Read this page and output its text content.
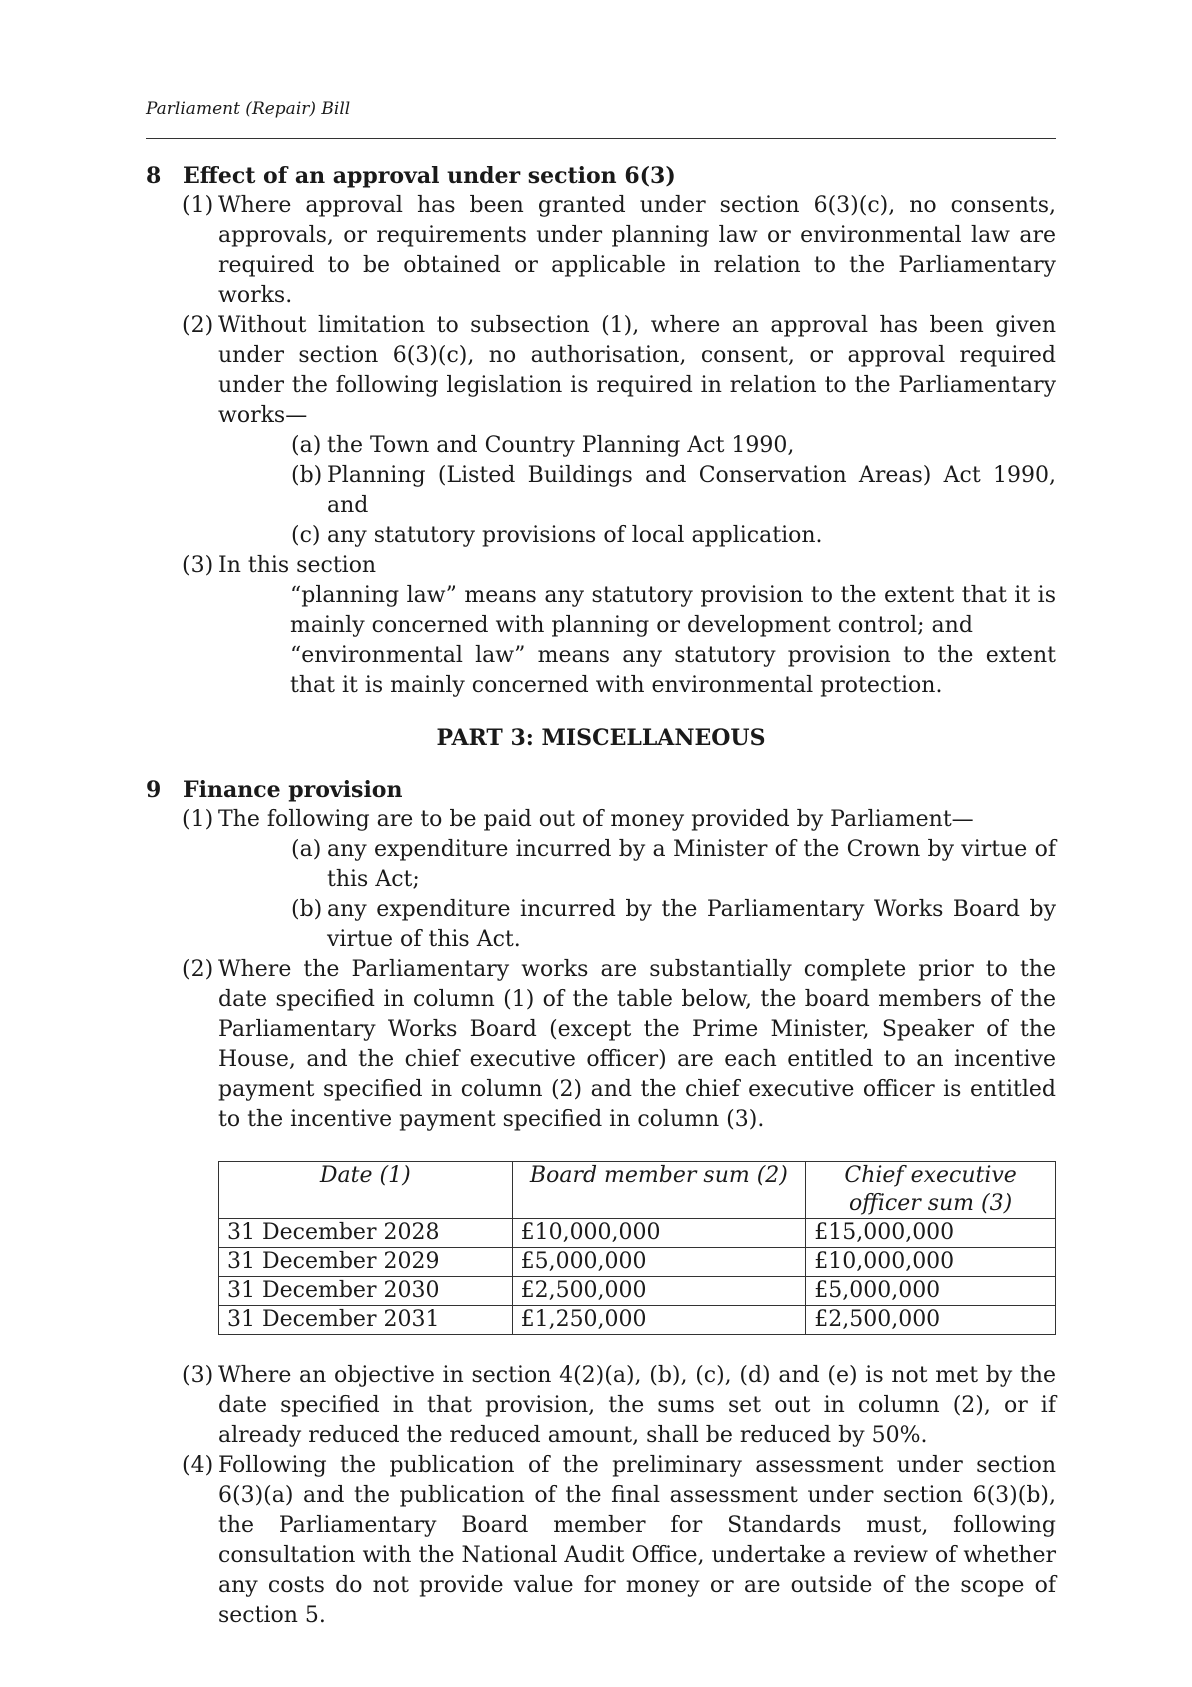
Parliament (Repair) Bill

8 Effect of an approval under section 6(3)
(1) Where approval has been granted under section 6(3)(c), no consents, approvals, or requirements under planning law or environmental law are required to be obtained or applicable in relation to the Parliamentary works.
(2) Without limitation to subsection (1), where an approval has been given under section 6(3)(c), no authorisation, consent, or approval required under the following legislation is required in relation to the Parliamentary works—
(a) the Town and Country Planning Act 1990,
(b) Planning (Listed Buildings and Conservation Areas) Act 1990, and
(c) any statutory provisions of local application.
(3) In this section
“planning law” means any statutory provision to the extent that it is mainly concerned with planning or development control; and
“environmental law” means any statutory provision to the extent that it is mainly concerned with environmental protection.
PART 3: MISCELLANEOUS
9 Finance provision
(1) The following are to be paid out of money provided by Parliament—
(a) any expenditure incurred by a Minister of the Crown by virtue of this Act;
(b) any expenditure incurred by the Parliamentary Works Board by virtue of this Act.
(2) Where the Parliamentary works are substantially complete prior to the date specified in column (1) of the table below, the board members of the Parliamentary Works Board (except the Prime Minister, Speaker of the House, and the chief executive officer) are each entitled to an incentive payment specified in column (2) and the chief executive officer is entitled to the incentive payment specified in column (3).
Date (1)	Board member sum (2)	Chief executive officer sum (3)
31 December 2028	£10,000,000	£15,000,000
31 December 2029	£5,000,000	£10,000,000
31 December 2030	£2,500,000	£5,000,000
31 December 2031	£1,250,000	£2,500,000
(3) Where an objective in section 4(2)(a), (b), (c), (d) and (e) is not met by the date specified in that provision, the sums set out in column (2), or if already reduced the reduced amount, shall be reduced by 50%.
(4) Following the publication of the preliminary assessment under section 6(3)(a) and the publication of the final assessment under section 6(3)(b), the Parliamentary Board member for Standards must, following consultation with the National Audit Office, undertake a review of whether any costs do not provide value for money or are outside of the scope of section 5.
